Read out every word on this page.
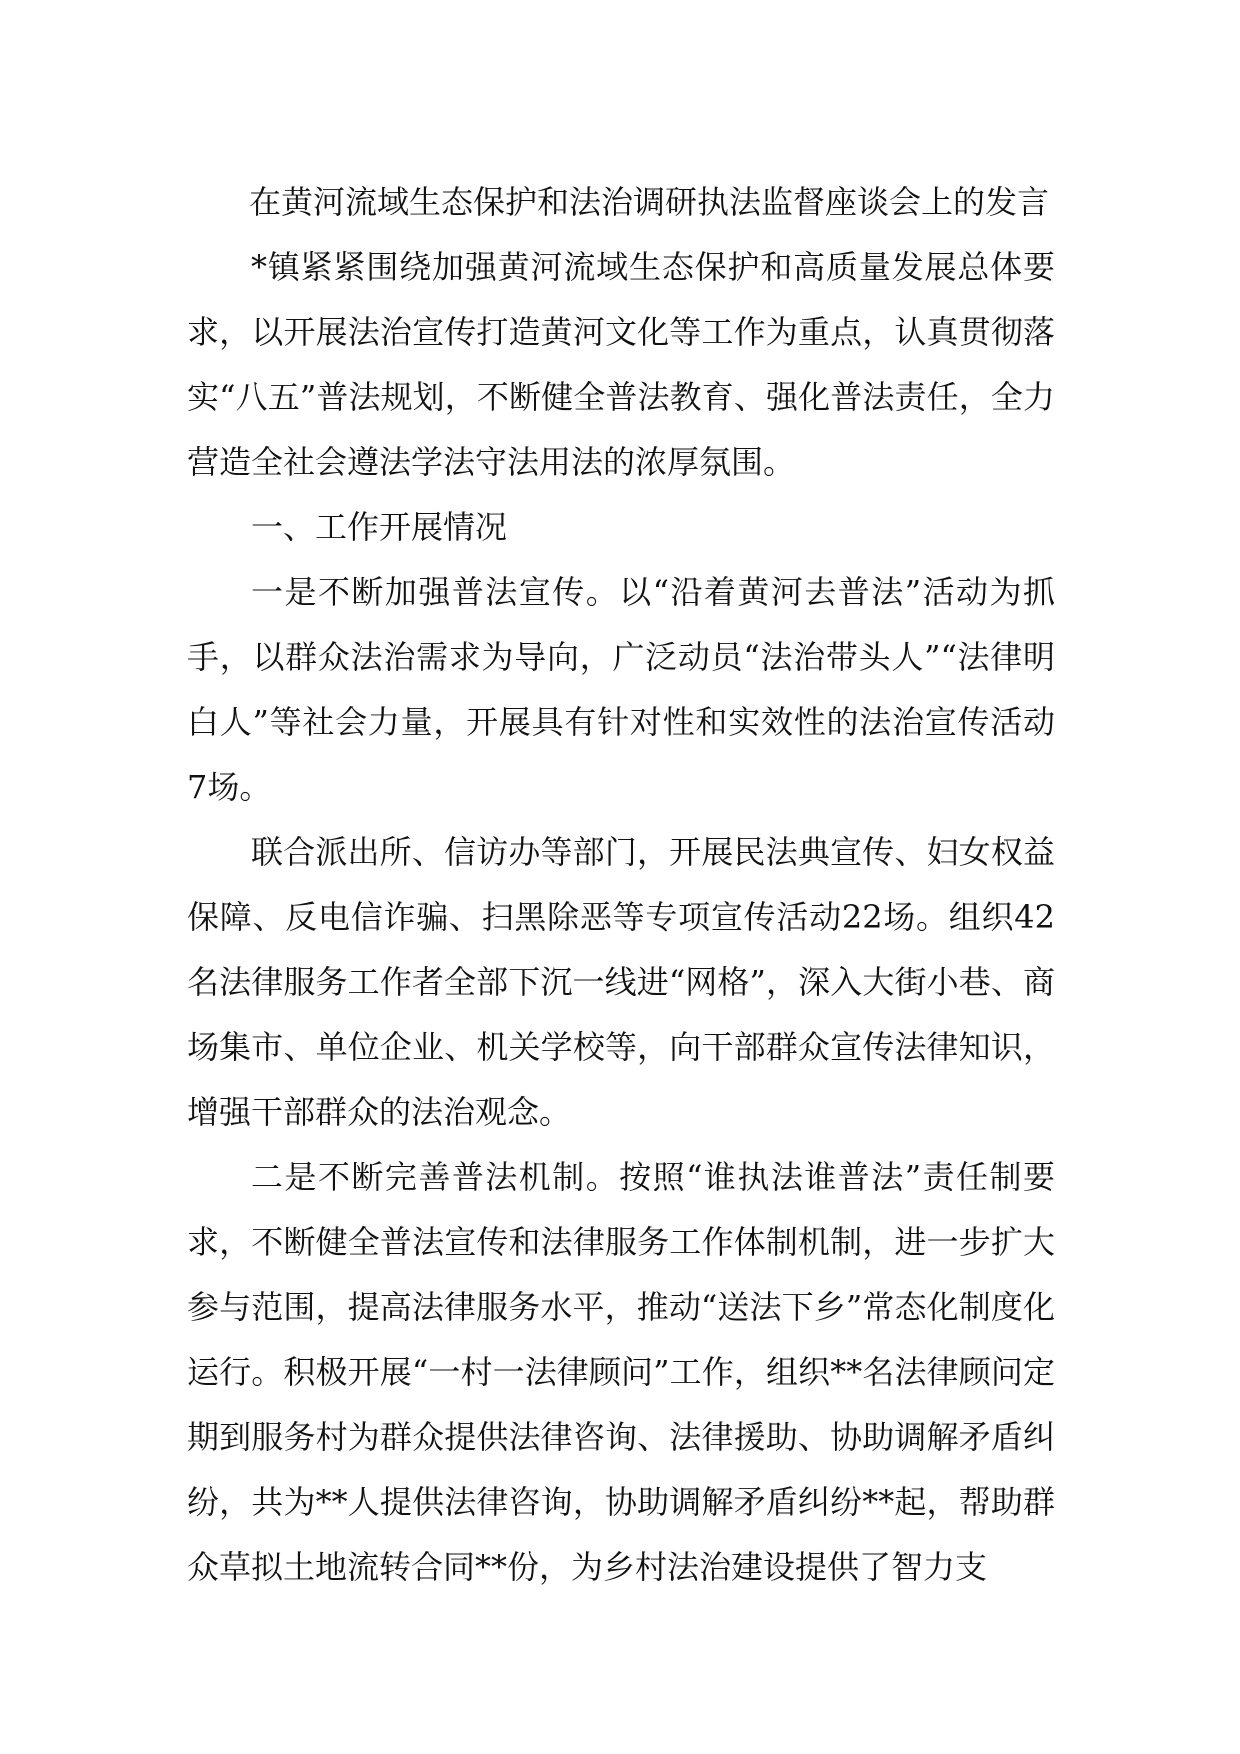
在黄河流域生态保护和法治调研执法监督座谈会上的发言

*镇紧紧围绕加强黄河流域生态保护和高质量发展总体要求，以开展法治宣传打造黄河文化等工作为重点，认真贯彻落实“八五”普法规划，不断健全普法教育、强化普法责任，全力营造全社会遵法学法守法用法的浓厚氛围。

一、工作开展情况

一是不断加强普法宣传。以“沿着黄河去普法”活动为抓手，以群众法治需求为导向，广泛动员“法治带头人”“法律明白人”等社会力量，开展具有针对性和实效性的法治宣传活动7场。

联合派出所、信访办等部门，开展民法典宣传、妇女权益保障、反电信诈骗、扫黑除恶等专项宣传活动22场。组织42名法律服务工作者全部下沉一线进“网格”，深入大街小巷、商场集市、单位企业、机关学校等，向干部群众宣传法律知识，增强干部群众的法治观念。

二是不断完善普法机制。按照“谁执法谁普法”责任制要求，不断健全普法宣传和法律服务工作体制机制，进一步扩大参与范围，提高法律服务水平，推动“送法下乡”常态化制度化运行。积极开展“一村一法律顾问”工作，组织**名法律顾问定期到服务村为群众提供法律咨询、法律援助、协助调解矛盾纠纷，共为**人提供法律咨询，协助调解矛盾纠纷**起，帮助群众草拟土地流转合同**份，为乡村法治建设提供了智力支
